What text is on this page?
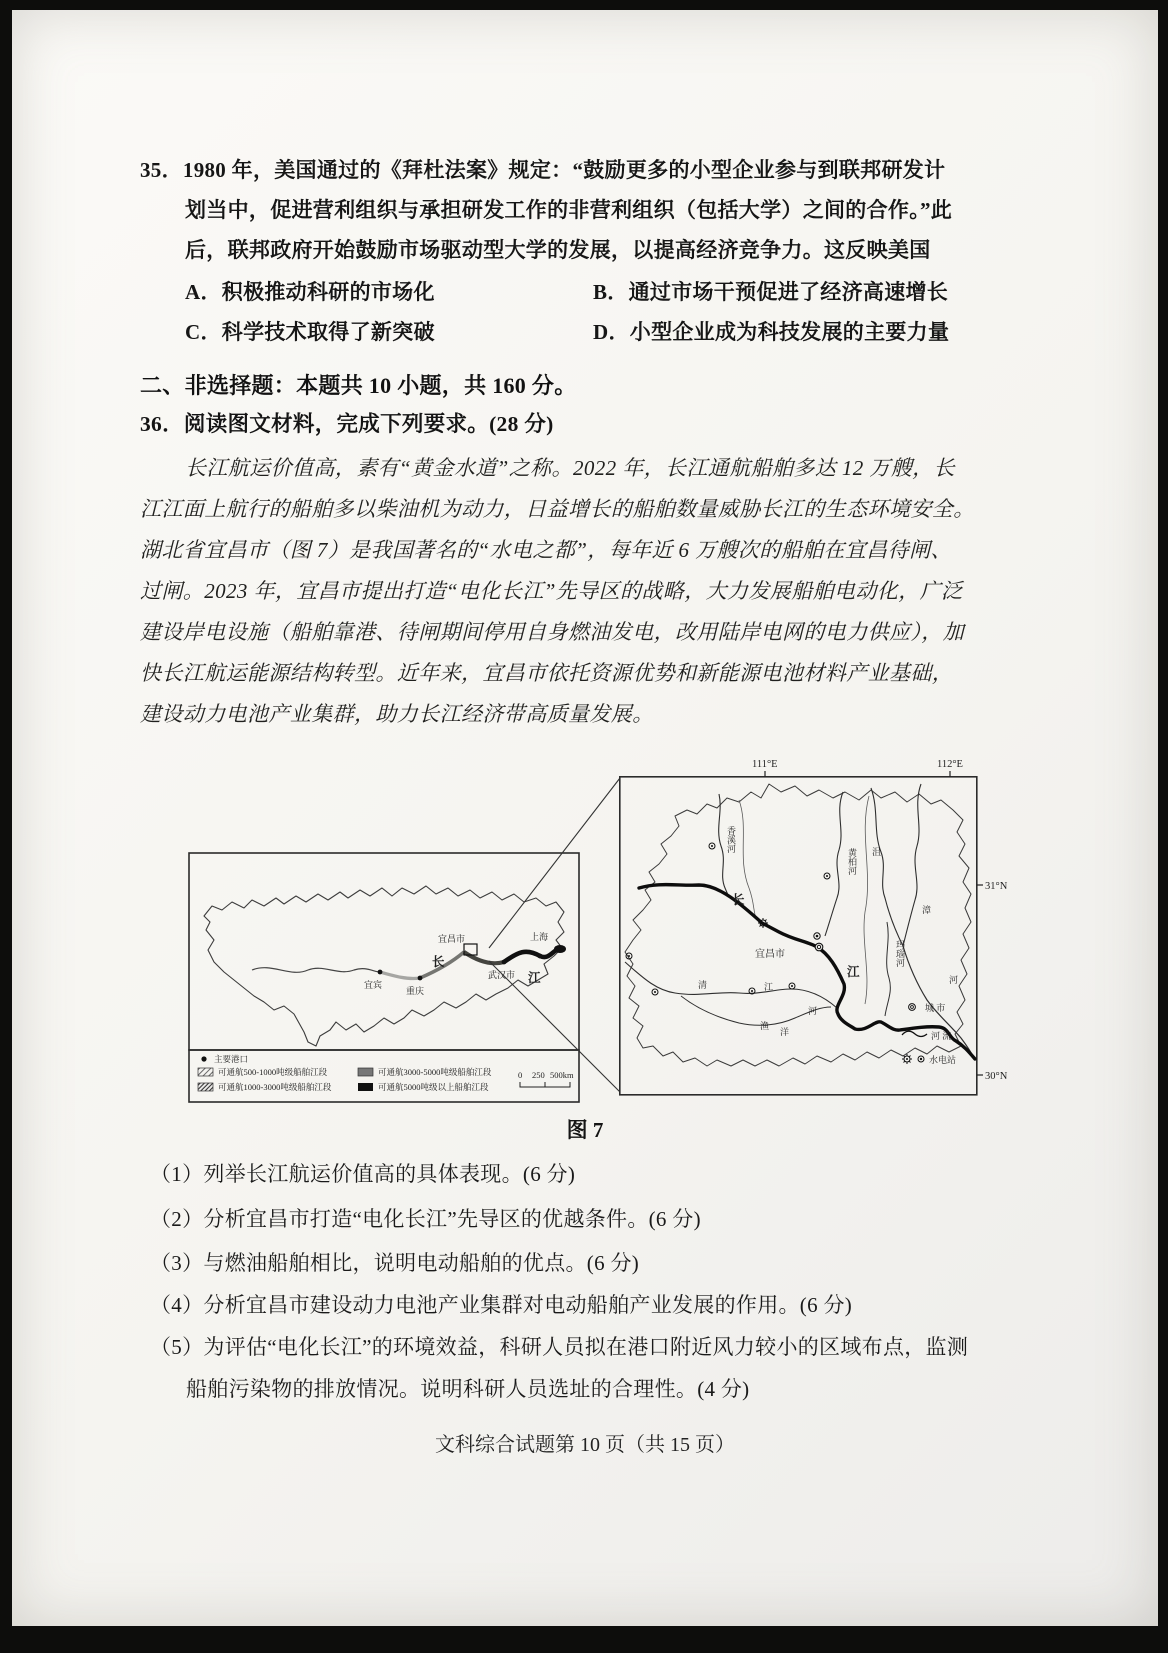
35．1980 年，美国通过的《拜杜法案》规定：“鼓励更多的小型企业参与到联邦研发计
划当中，促进营利组织与承担研发工作的非营利组织（包括大学）之间的合作。”此
后，联邦政府开始鼓励市场驱动型大学的发展，以提高经济竞争力。这反映美国
A．积极推动科研的市场化	B．通过市场干预促进了经济高速增长
C．科学技术取得了新突破	D．小型企业成为科技发展的主要力量
二、非选择题：本题共 10 小题，共 160 分。
36．阅读图文材料，完成下列要求。(28 分)
长江航运价值高，素有“黄金水道”之称。2022 年，长江通航船舶多达 12 万艘，长
江江面上航行的船舶多以柴油机为动力，日益增长的船舶数量威胁长江的生态环境安全。
湖北省宜昌市（图 7）是我国著名的“水电之都”，每年近 6 万艘次的船舶在宜昌待闸、
过闸。2023 年，宜昌市提出打造“电化长江”先导区的战略，大力发展船舶电动化，广泛
建设岸电设施（船舶靠港、待闸期间停用自身燃油发电，改用陆岸电网的电力供应），加
快长江航运能源结构转型。近年来，宜昌市依托资源优势和新能源电池材料产业基础，
建设动力电池产业集群，助力长江经济带高质量发展。
宜宾
重庆
宜昌市
武汉市
上海
长
江
主要港口
可通航500-1000吨级船舶江段
可通航1000-3000吨级船舶江段
可通航3000-5000吨级船舶江段
可通航5000吨级以上船舶江段
0 250 500km
111°E	112°E
31°N
30°N
香溪河
黄柏河 沮
漳
河
玛瑙河
清	江
渔
洋
河
长
江
宜昌市
城 市
河 流
水电站
图 7
（1）列举长江航运价值高的具体表现。(6 分)
（2）分析宜昌市打造“电化长江”先导区的优越条件。(6 分)
（3）与燃油船舶相比，说明电动船舶的优点。(6 分)
（4）分析宜昌市建设动力电池产业集群对电动船舶产业发展的作用。(6 分)
（5）为评估“电化长江”的环境效益，科研人员拟在港口附近风力较小的区域布点，监测
船舶污染物的排放情况。说明科研人员选址的合理性。(4 分)
文科综合试题第 10 页（共 15 页）
